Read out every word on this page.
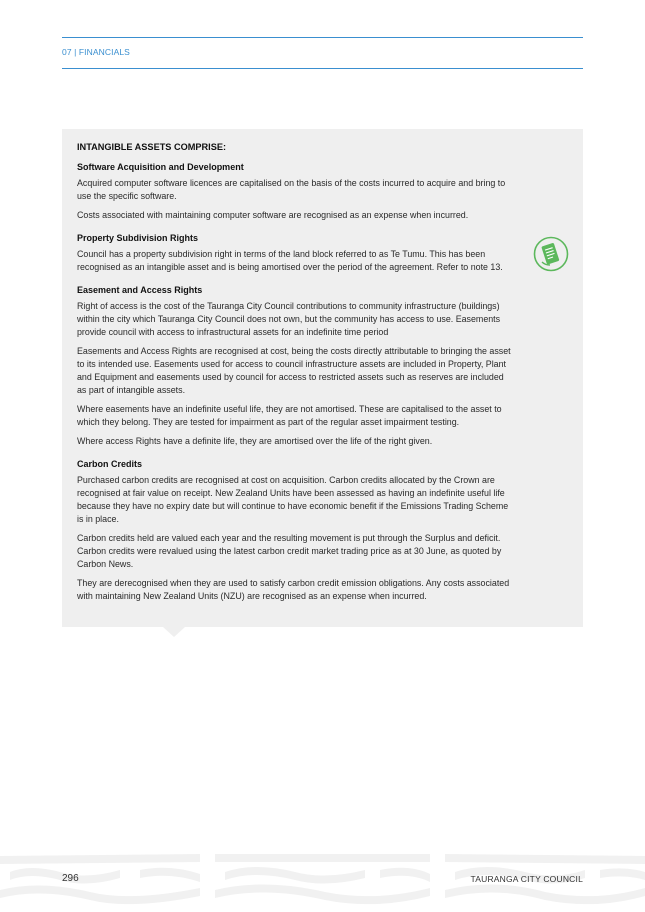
07 | FINANCIALS
INTANGIBLE ASSETS COMPRISE:
Software Acquisition and Development

Acquired computer software licences are capitalised on the basis of the costs incurred to acquire and bring to use the specific software.

Costs associated with maintaining computer software are recognised as an expense when incurred.

Property Subdivision Rights

Council has a property subdivision right in terms of the land block referred to as Te Tumu. This has been recognised as an intangible asset and is being amortised over the period of the agreement. Refer to note 13.

Easement and Access Rights

Right of access is the cost of the Tauranga City Council contributions to community infrastructure (buildings) within the city which Tauranga City Council does not own, but the community has access to use. Easements provide council with access to infrastructural assets for an indefinite time period

Easements and Access Rights are recognised at cost, being the costs directly attributable to bringing the asset to its intended use. Easements used for access to council infrastructure assets are included in Property, Plant and Equipment and easements used by council for access to restricted assets such as reserves are included as part of intangible assets.

Where easements have an indefinite useful life, they are not amortised. These are capitalised to the asset to which they belong. They are tested for impairment as part of the regular asset impairment testing.

Where access Rights have a definite life, they are amortised over the life of the right given.

Carbon Credits

Purchased carbon credits are recognised at cost on acquisition. Carbon credits allocated by the Crown are recognised at fair value on receipt. New Zealand Units have been assessed as having an indefinite useful life because they have no expiry date but will continue to have economic benefit if the Emissions Trading Scheme is in place.

Carbon credits held are valued each year and the resulting movement is put through the Surplus and deficit. Carbon credits were revalued using the latest carbon credit market trading price as at 30 June, as quoted by Carbon News.

They are derecognised when they are used to satisfy carbon credit emission obligations. Any costs associated with maintaining New Zealand Units (NZU) are recognised as an expense when incurred.

296	TAURANGA CITY COUNCIL
